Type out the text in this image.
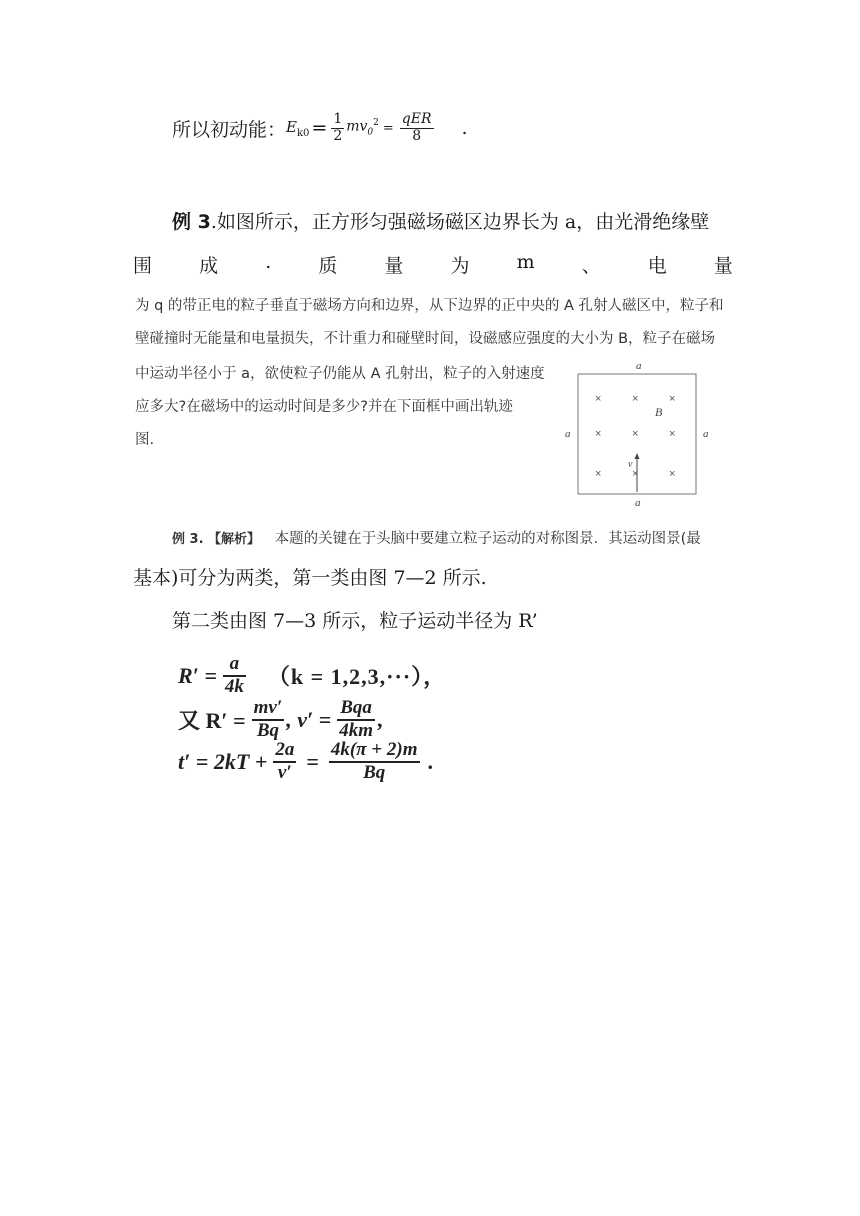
所以初动能： $E_{k0} = \frac{1}{2} mv_0^2 = \frac{\text{qER}}{8}$ .
例 3.如图所示，正方形匀强磁场磁区边界长为 a，由光滑绝缘壁
围 成 . 质 量 为 m 、 电 量
为 q 的带正电的粒子垂直于磁场方向和边界，从下边界的正中央的 A 孔射人磁区中，粒子和
壁碰撞时无能量和电量损失，不计重力和碰壁时间，设磁感应强度的大小为 B，粒子在磁场
中运动半径小于 a，欲使粒子仍能从 A 孔射出，粒子的入射速度
应多大?在磁场中的运动时间是多少?并在下面框中画出轨迹
图.
a
a	a
a
B
×	×	×
×	×	×
×	×	×
v
例 3. 【解析】 本题的关键在于头脑中要建立粒子运动的对称图景．其运动图景(最
基本)可分为两类，第一类由图 7—2 所示.
第二类由图 7—3 所示，粒子运动半径为 R’
$R' = \frac{a}{4k} (k = 1,2,3,\cdot\cdot\cdot)$，
又 $R' = \frac{mv'}{Bq}$ , $v' = \frac{\text{Bqa}}{4km}$ ,
$t' = 2kT + \frac{2a}{v'} = \frac{4k(\pi + 2)m}{Bq}$ .
